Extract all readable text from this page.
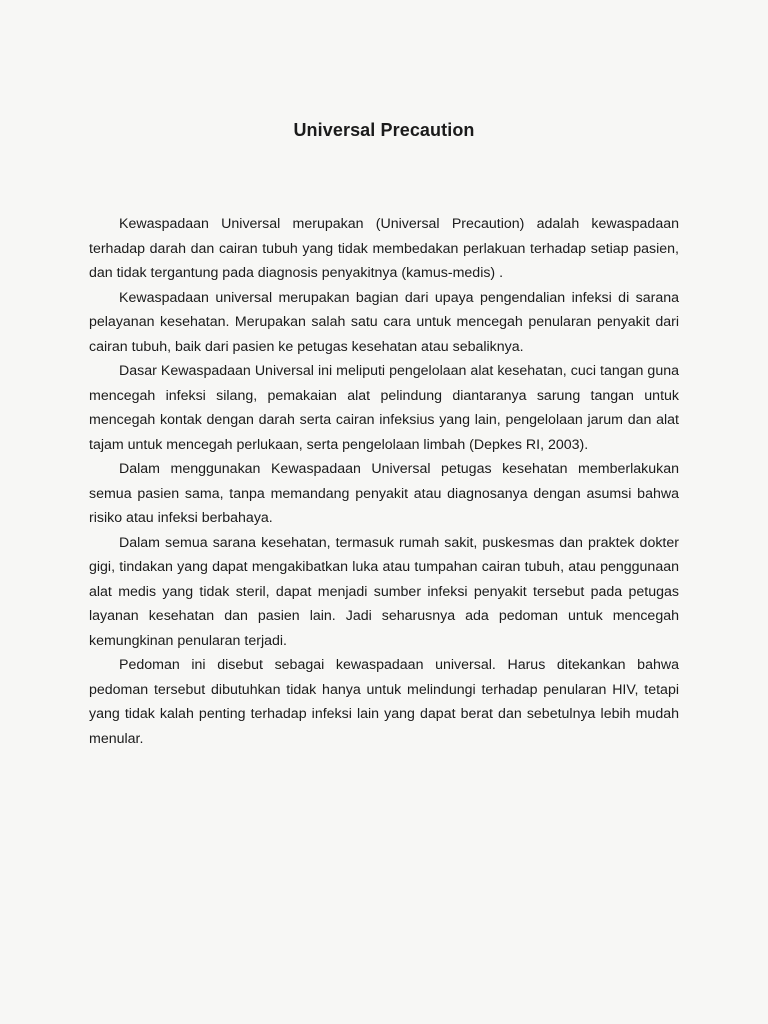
Universal Precaution

Kewaspadaan Universal merupakan (Universal Precaution) adalah kewaspadaan terhadap darah dan cairan tubuh yang tidak membedakan perlakuan terhadap setiap pasien, dan tidak tergantung pada diagnosis penyakitnya (kamus-medis) .

Kewaspadaan universal merupakan bagian dari upaya pengendalian infeksi di sarana pelayanan kesehatan. Merupakan salah satu cara untuk mencegah penularan penyakit dari cairan tubuh, baik dari pasien ke petugas kesehatan atau sebaliknya.

Dasar Kewaspadaan Universal ini meliputi pengelolaan alat kesehatan, cuci tangan guna mencegah infeksi silang, pemakaian alat pelindung diantaranya sarung tangan untuk mencegah kontak dengan darah serta cairan infeksius yang lain, pengelolaan jarum dan alat tajam untuk mencegah perlukaan, serta pengelolaan limbah (Depkes RI, 2003).

Dalam menggunakan Kewaspadaan Universal petugas kesehatan memberlakukan semua pasien sama, tanpa memandang penyakit atau diagnosanya dengan asumsi bahwa risiko atau infeksi berbahaya.

Dalam semua sarana kesehatan, termasuk rumah sakit, puskesmas dan praktek dokter gigi, tindakan yang dapat mengakibatkan luka atau tumpahan cairan tubuh, atau penggunaan alat medis yang tidak steril, dapat menjadi sumber infeksi penyakit tersebut pada petugas layanan kesehatan dan pasien lain. Jadi seharusnya ada pedoman untuk mencegah kemungkinan penularan terjadi.

Pedoman ini disebut sebagai kewaspadaan universal. Harus ditekankan bahwa pedoman tersebut dibutuhkan tidak hanya untuk melindungi terhadap penularan HIV, tetapi yang tidak kalah penting terhadap infeksi lain yang dapat berat dan sebetulnya lebih mudah menular.
